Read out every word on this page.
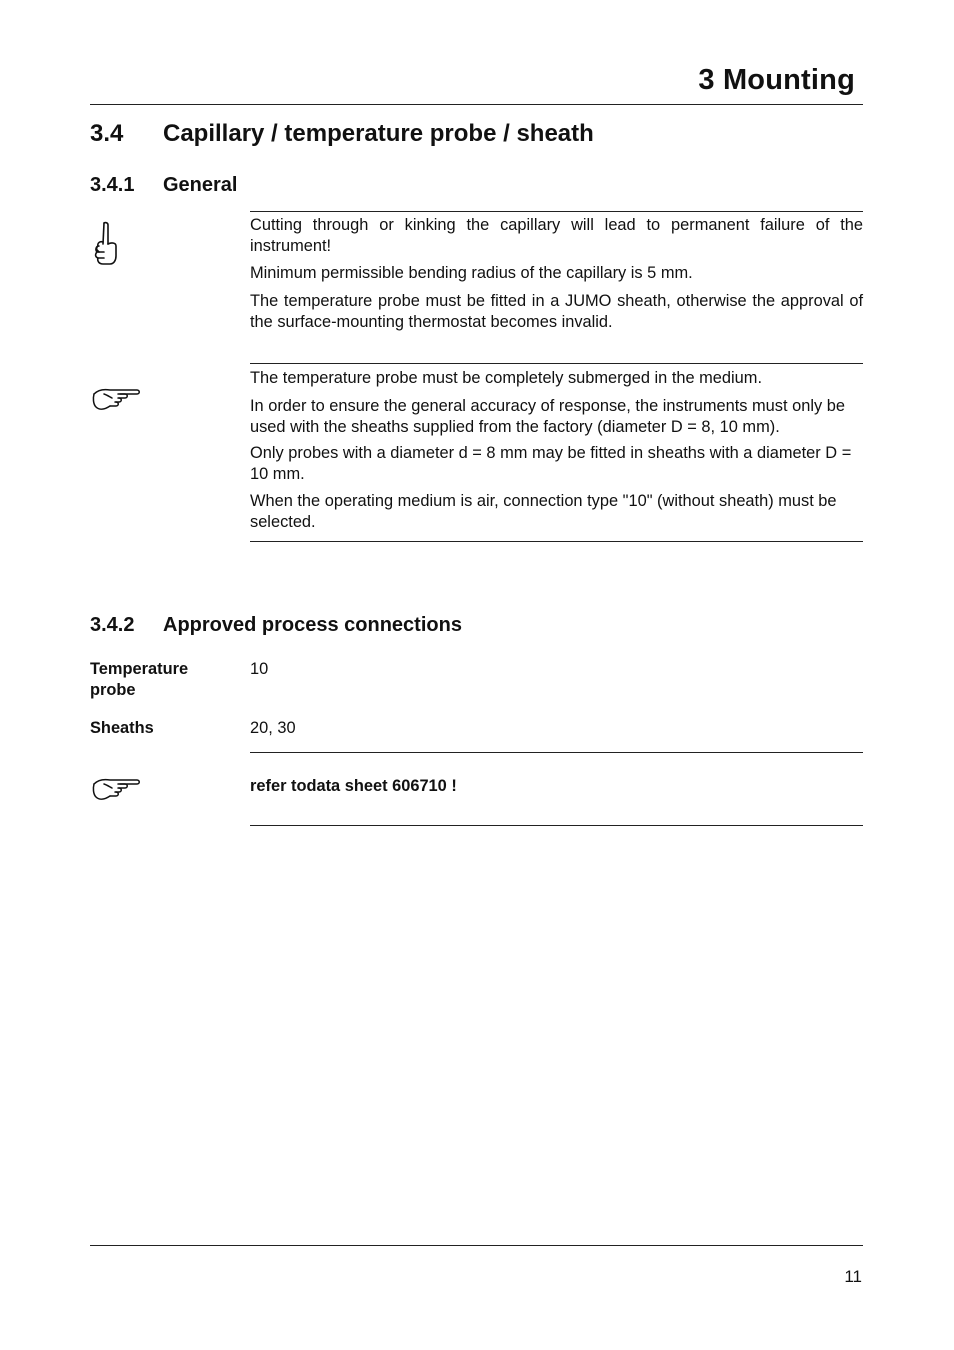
3 Mounting
3.4 Capillary / temperature probe / sheath
3.4.1 General

Cutting through or kinking the capillary will lead to permanent failure of the instrument!

Minimum permissible bending radius of the capillary is 5 mm.

The temperature probe must be fitted in a JUMO sheath, otherwise the approval of the surface-mounting thermostat becomes invalid.

The temperature probe must be completely submerged in the medium.

In order to ensure the general accuracy of response, the instruments must only be used with the sheaths supplied from the factory (diameter D = 8, 10 mm).

Only probes with a diameter d = 8 mm may be fitted in sheaths with a diameter D = 10 mm.

When the operating medium is air, connection type "10" (without sheath) must be selected.

3.4.2 Approved process connections
Temperature probe
10
Sheaths	20, 30

refer todata sheet 606710 !

11
